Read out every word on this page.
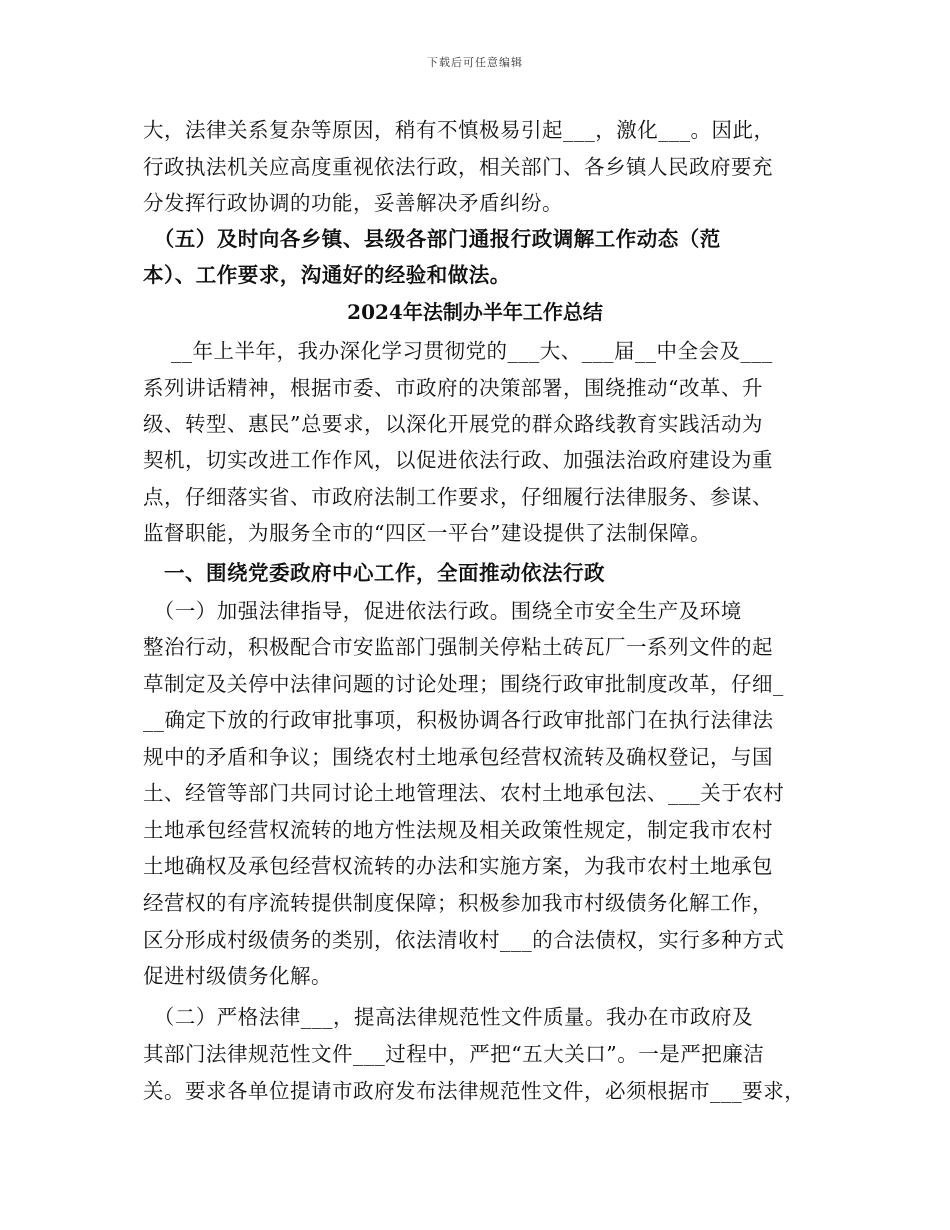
下载后可任意编辑
大，法律关系复杂等原因，稍有不慎极易引起___，激化___。因此，
行政执法机关应高度重视依法行政，相关部门、各乡镇人民政府要充
分发挥行政协调的功能，妥善解决矛盾纠纷。
　（五）及时向各乡镇、县级各部门通报行政调解工作动态（范
本）、工作要求，沟通好的经验和做法。
2024年法制办半年工作总结
　 __年上半年，我办深化学习贯彻党的___大、___届__中全会及___
系列讲话精神，根据市委、市政府的决策部署，围绕推动“改革、升
级、转型、惠民”总要求，以深化开展党的群众路线教育实践活动为
契机，切实改进工作作风，以促进依法行政、加强法治政府建设为重
点，仔细落实省、市政府法制工作要求，仔细履行法律服务、参谋、
监督职能，为服务全市的“四区一平台”建设提供了法制保障。
　一、围绕党委政府中心工作，全面推动依法行政
　（一）加强法律指导，促进依法行政。围绕全市安全生产及环境
整治行动，积极配合市安监部门强制关停粘土砖瓦厂一系列文件的起
草制定及关停中法律问题的讨论处理；围绕行政审批制度改革，仔细_
__确定下放的行政审批事项，积极协调各行政审批部门在执行法律法
规中的矛盾和争议；围绕农村土地承包经营权流转及确权登记，与国
土、经管等部门共同讨论土地管理法、农村土地承包法、___关于农村
土地承包经营权流转的地方性法规及相关政策性规定，制定我市农村
土地确权及承包经营权流转的办法和实施方案，为我市农村土地承包
经营权的有序流转提供制度保障；积极参加我市村级债务化解工作，
区分形成村级债务的类别，依法清收村___的合法债权，实行多种方式
促进村级债务化解。
　（二）严格法律___，提高法律规范性文件质量。我办在市政府及
其部门法律规范性文件___过程中，严把“五大关口”。一是严把廉洁
关。要求各单位提请市政府发布法律规范性文件，必须根据市___要求，
